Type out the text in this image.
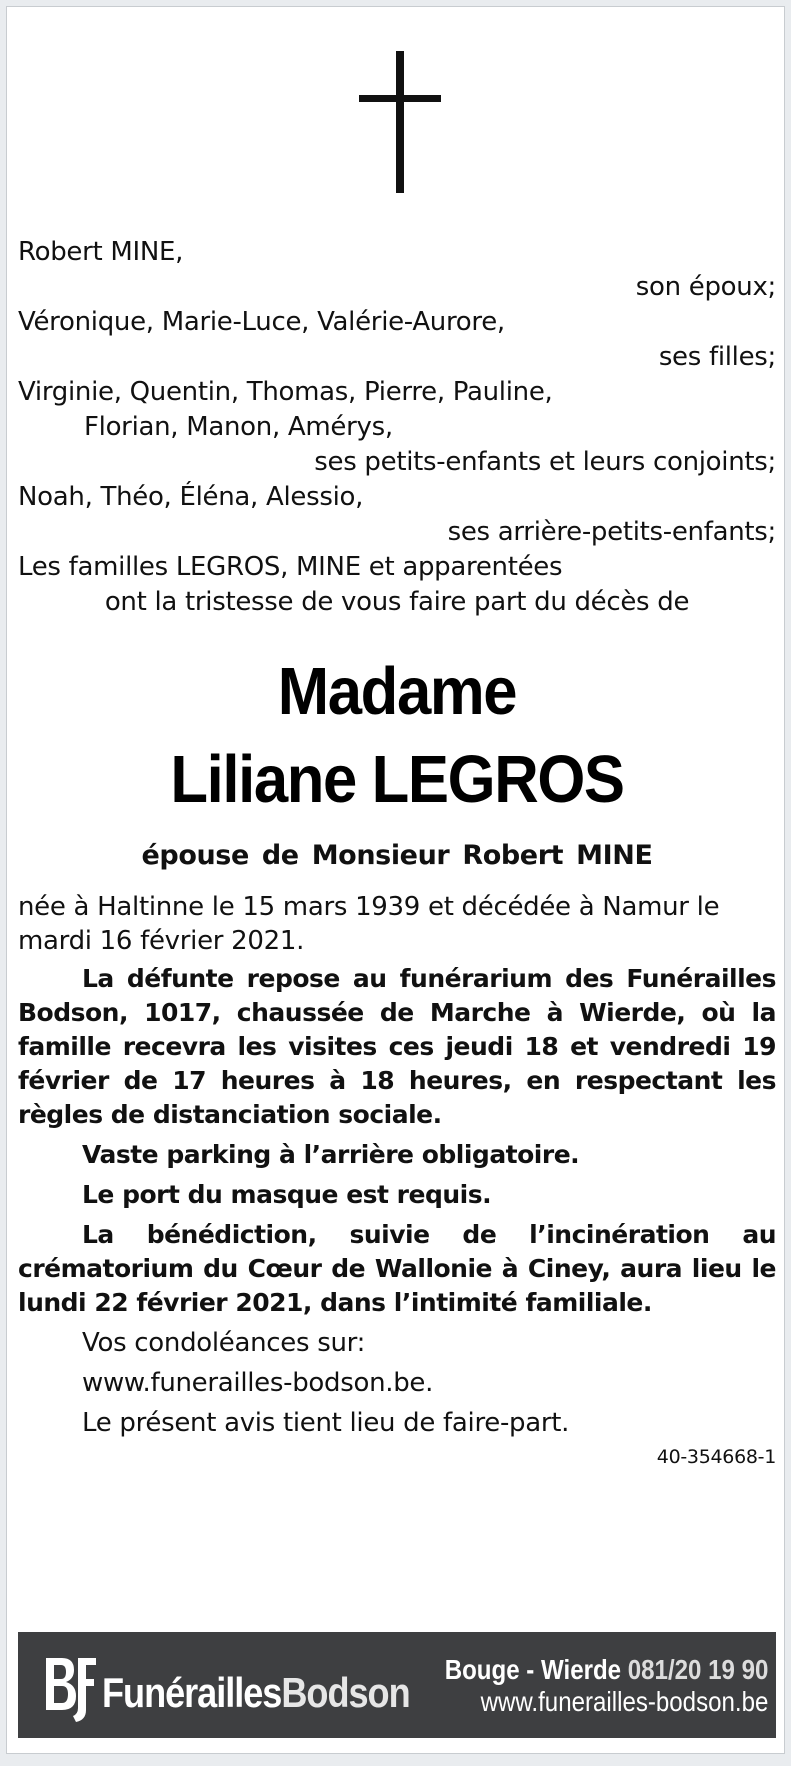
Robert MINE,
son époux;
Véronique, Marie-Luce, Valérie-Aurore,
ses filles;
Virginie, Quentin, Thomas, Pierre, Pauline,
Florian, Manon, Amérys,
ses petits-enfants et leurs conjoints;
Noah, Théo, Éléna, Alessio,
ses arrière-petits-enfants;
Les familles LEGROS, MINE et apparentées
ont la tristesse de vous faire part du décès de
Madame
Liliane LEGROS
épouse de Monsieur Robert MINE
née à Haltinne le 15 mars 1939 et décédée à Namur le mardi 16 février 2021.
La défunte repose au funérarium des Funérailles Bodson, 1017, chaussée de Marche à Wierde, où la famille recevra les visites ces jeudi 18 et vendredi 19 février de 17 heures à 18 heures, en respectant les règles de distanciation sociale.
Vaste parking à l’arrière obligatoire.
Le port du masque est requis.
La bénédiction, suivie de l’incinération au crématorium du Cœur de Wallonie à Ciney, aura lieu le lundi 22 février 2021, dans l’intimité familiale.
Vos condoléances sur:
www.funerailles-bodson.be.
Le présent avis tient lieu de faire-part.
40-354668-1
FunéraillesBodson Bouge - Wierde 081/20 19 90
www.funerailles-bodson.be
